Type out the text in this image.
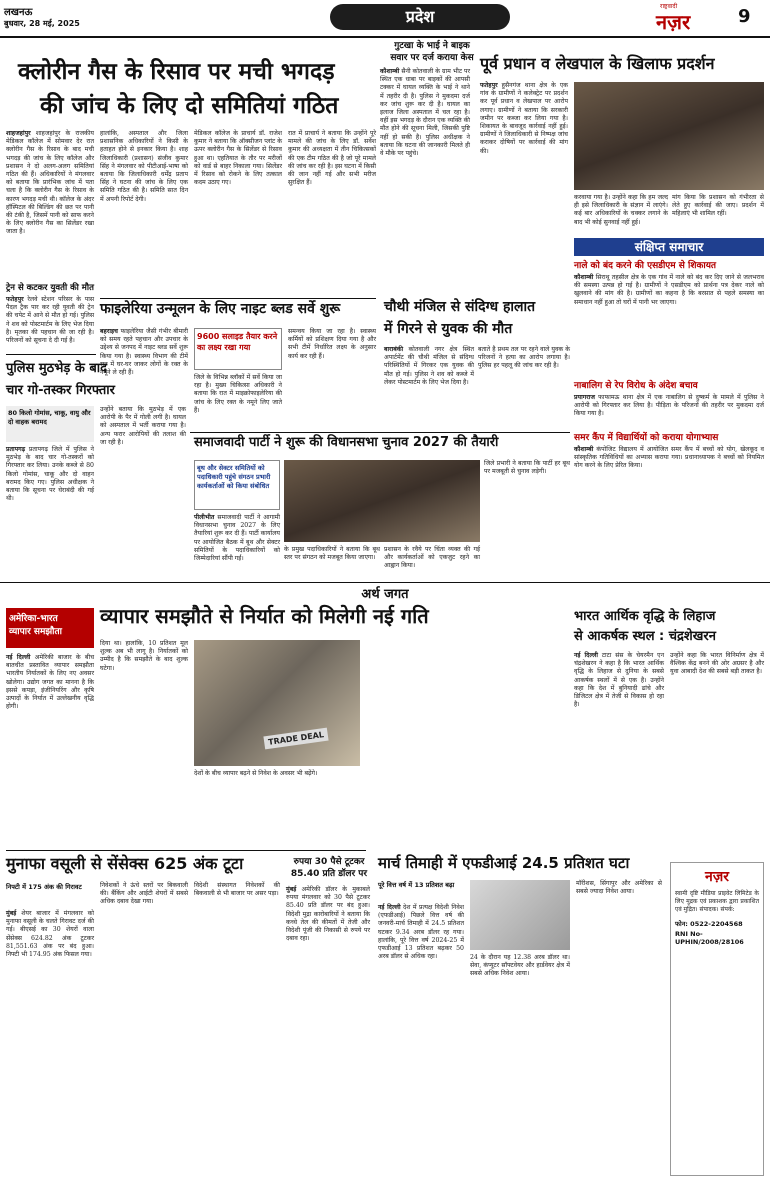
लखनऊ
बुधवार, 28 मई, 2025	प्रदेश
राष्ट्रवादी
नज़र	9
क्लोरीन गैस के रिसाव पर मची भगदड़
की जांच के लिए दो समितियां गठित
शाहजहांपुर शाहजहांपुर के राजकीय मेडिकल कॉलेज में सोमवार देर रात क्लोरीन गैस के रिसाव के बाद मची भगदड़ की जांच के लिए कॉलेज और प्रशासन ने दो अलग-अलग समितियां गठित की हैं। अधिकारियों ने मंगलवार को बताया कि प्रारंभिक जांच में पता चला है कि क्लोरीन गैस के रिसाव के कारण भगदड़ मची थी। कॉलेज के अंदर हॉस्पिटल की बिल्डिंग की छत पर पानी की टंकी है, जिसमें पानी को साफ करने के लिए क्लोरीन गैस का सिलेंडर रखा जाता है।
हालांकि, अस्पताल और जिला प्रशासनिक अधिकारियों ने किसी के हताहत होने से इनकार किया है। शाह जिलाधिकारी (प्रशासन) संजीव कुमार सिंह ने मंगलवार को पीटीआई-भाषा को बताया कि जिलाधिकारी धर्मेंद्र प्रताप सिंह ने घटना की जांच के लिए एक समिति गठित की है। समिति सात दिन में अपनी रिपोर्ट देगी।
मेडिकल कॉलेज के प्राचार्य डॉ. राजेश कुमार ने बताया कि ऑक्सीजन प्लांट के ऊपर क्लोरीन गैस के सिलेंडर से रिसाव हुआ था। एहतियात के तौर पर मरीजों को वार्ड से बाहर निकाला गया। सिलेंडर में रिसाव को रोकने के लिए तत्काल कदम उठाए गए।
रात में प्राचार्य ने बताया कि उन्होंने पूरे मामले की जांच के लिए डॉ. सर्वेश कुमार की अध्यक्षता में तीन चिकित्सकों की एक टीम गठित की है जो पूरे मामले की जांच कर रही है। इस घटना में किसी की जान नहीं गई और सभी मरीज सुरक्षित हैं।
ट्रेन से कटकर युवती की मौत
फतेहपुर रेलवे स्टेशन परिसर के पास पैदल ट्रैक पार कर रही युवती की ट्रेन की चपेट में आने से मौत हो गई। पुलिस ने शव को पोस्टमार्टम के लिए भेज दिया है। मृतका की पहचान की जा रही है। परिजनों को सूचना दे दी गई है।
गुटखा के भाई ने बाइक
सवार पर दर्ज कराया केस
कौशाम्बी सैनी कोतवाली के ग्राम भीट पर स्थित एक धाबा पर बाइकों की आपसी टक्कर में घायल व्यक्ति के भाई ने थाने में तहरीर दी है। पुलिस ने मुकदमा दर्ज कर जांच शुरू कर दी है। घायल का इलाज जिला अस्पताल में चल रहा है। वहीं इस भगदड़ के दौरान एक व्यक्ति की मौत होने की सूचना मिली, जिसकी पुष्टि नहीं हो सकी है। पुलिस अधीक्षक ने बताया कि घटना की जानकारी मिलते ही वे मौके पर पहुंचे।
पूर्व प्रधान व लेखपाल के खिलाफ प्रदर्शन
फतेहपुर हुसैनगंज थाना क्षेत्र के एक गांव के ग्रामीणों ने कलेक्ट्रेट पर प्रदर्शन कर पूर्व प्रधान व लेखपाल पर आरोप लगाए। ग्रामीणों ने बताया कि सरकारी जमीन पर कब्जा कर लिया गया है। शिकायत के बावजूद कार्रवाई नहीं हुई। ग्रामीणों ने जिलाधिकारी से निष्पक्ष जांच कराकर दोषियों पर कार्रवाई की मांग की।
करवाया गया है। उन्होंने कहा कि हम जल्द ही इसे जिलाधिकारी के संज्ञान में लाएंगे। कई बार अधिकारियों के चक्कर लगाने के बाद भी कोई सुनवाई नहीं हुई।
मांग किया कि प्रशासन को गंभीरता से लेते हुए कार्रवाई की जाए। प्रदर्शन में महिलाएं भी शामिल रहीं।
संक्षिप्त समाचार
नाले को बंद करने की एसडीएम से शिकायत
कौशाम्बी सिराथू तहसील क्षेत्र के एक गांव में नाले को बंद कर दिए जाने से जलभराव की समस्या उत्पन्न हो गई है। ग्रामीणों ने एसडीएम को प्रार्थना पत्र देकर नाले को खुलवाने की मांग की है। ग्रामीणों का कहना है कि बरसात से पहले समस्या का समाधान नहीं हुआ तो घरों में पानी भर जाएगा।
नाबालिग से रेप विरोध के अंदेश बचाव
प्रयागराज फाफामऊ थाना क्षेत्र में एक नाबालिग से दुष्कर्म के मामले में पुलिस ने आरोपी को गिरफ्तार कर लिया है। पीड़िता के परिजनों की तहरीर पर मुकदमा दर्ज किया गया है।
समर कैंप में विद्यार्थियों को कराया योगाभ्यास
कौशाम्बी कंपोजिट विद्यालय में आयोजित समर कैंप में बच्चों को योग, खेलकूद व सांस्कृतिक गतिविधियों का अभ्यास कराया गया। प्रधानाध्यापक ने बच्चों को नियमित योग करने के लिए प्रेरित किया।
फाइलेरिया उन्मूलन के लिए नाइट ब्लड सर्वे शुरू
बहराइच फाइलेरिया जैसी गंभीर बीमारी को समय रहते पहचान और उपचार के उद्देश्य से जनपद में नाइट ब्लड सर्वे शुरू किया गया है। स्वास्थ्य विभाग की टीमें रात में घर-घर जाकर लोगों के रक्त के नमूने ले रही हैं।
9600 सलाइड तैयार करने का लक्ष्य रखा गया
जिले के विभिन्न ब्लॉकों में सर्वे किया जा रहा है। मुख्य चिकित्सा अधिकारी ने बताया कि रात में माइक्रोफाइलेरिया की जांच के लिए रक्त के नमूने लिए जाते हैं।
समन्वय किया जा रहा है। स्वास्थ्य कर्मियों को प्रशिक्षण दिया गया है और सभी टीमें निर्धारित लक्ष्य के अनुसार कार्य कर रही हैं।
चौथी मंजिल से संदिग्ध हालात
में गिरने से युवक की मौत
बाराबंकी कोतवाली नगर क्षेत्र स्थित अपार्टमेंट की चौथी मंजिल से संदिग्ध परिस्थितियों में गिरकर एक युवक की मौत हो गई। पुलिस ने शव को कब्जे में लेकर पोस्टमार्टम के लिए भेज दिया है।
बताते है प्रथम तल पर रहने वाले युवक के परिजनों ने हत्या का आरोप लगाया है। पुलिस हर पहलू की जांच कर रही है।
पुलिस मुठभेड़ के बाद
चार गो-तस्कर गिरफ्तार
80 किलो गोमांस, चाकू, वायु और दो वाहक बरामद
प्रतापगढ़ प्रतापगढ़ जिले में पुलिस ने मुठभेड़ के बाद चार गो-तस्करों को गिरफ्तार कर लिया। उनके कब्जे से 80 किलो गोमांस, चाकू और दो वाहन बरामद किए गए। पुलिस अधीक्षक ने बताया कि सूचना पर घेराबंदी की गई थी।
उन्होंने बताया कि मुठभेड़ में एक आरोपी के पैर में गोली लगी है। घायल को अस्पताल में भर्ती कराया गया है। अन्य फरार आरोपियों की तलाश की जा रही है।	समाजवादी पार्टी ने शुरू की विधानसभा चुनाव 2027 की तैयारी
बूथ और सेक्टर समितियों को पदाधिकारी पहुंचे संगठन प्रभारी कार्यकर्ताओं को किया संबोधित
पीलीभीत समाजवादी पार्टी ने आगामी विधानसभा चुनाव 2027 के लिए तैयारियां शुरू कर दी हैं। पार्टी कार्यालय पर आयोजित बैठक में बूथ और सेक्टर समितियों के पदाधिकारियों को जिम्मेदारियां सौंपी गईं।
के प्रमुख पदाधिकारियों ने बताया कि बूथ स्तर पर संगठन को मजबूत किया जाएगा।
प्रशासन के रवैये पर चिंता व्यक्त की गई और कार्यकर्ताओं को एकजुट रहने का आह्वान किया।
जिले प्रभारी ने बताया कि पार्टी हर बूथ पर मजबूती से चुनाव लड़ेगी।
अर्थ जगत
अमेरिका-भारत
व्यापार समझौता
व्यापार समझौते से निर्यात को मिलेगी नई गति
नई दिल्ली अमेरिकी बाजार के बीच बातचीत प्रस्तावित व्यापार समझौता भारतीय निर्यातकों के लिए नए अवसर खोलेगा। उद्योग जगत का मानना है कि इससे कपड़ा, इंजीनियरिंग और कृषि उत्पादों के निर्यात में उल्लेखनीय वृद्धि होगी।
दिया था। हालांकि, 10 प्रतिशत मूल शुल्क अब भी लागू है। निर्यातकों को उम्मीद है कि समझौते के बाद शुल्क घटेगा।
TRADE DEAL
देशों के बीच व्यापार बढ़ने से निवेश के अवसर भी बढ़ेंगे।
भारत आर्थिक वृद्धि के लिहाज
से आकर्षक स्थल : चंद्रशेखरन
नई दिल्ली टाटा संस के चेयरमैन एन चंद्रशेखरन ने कहा है कि भारत आर्थिक वृद्धि के लिहाज से दुनिया के सबसे आकर्षक स्थलों में से एक है। उन्होंने कहा कि देश में बुनियादी ढांचे और डिजिटल क्षेत्र में तेजी से विकास हो रहा है।
उन्होंने कहा कि भारत विनिर्माण क्षेत्र में वैश्विक केंद्र बनने की ओर अग्रसर है और युवा आबादी देश की सबसे बड़ी ताकत है।
मुनाफा वसूली से सेंसेक्स 625 अंक टूटा
निफ्टी में 175 अंक की गिरावट
मुंबई शेयर बाजार में मंगलवार को मुनाफा वसूली के चलते गिरावट दर्ज की गई। बीएसई का 30 शेयरों वाला सेंसेक्स 624.82 अंक टूटकर 81,551.63 अंक पर बंद हुआ। निफ्टी भी 174.95 अंक फिसल गया।
निवेशकों ने ऊंचे स्तरों पर बिकवाली की। बैंकिंग और आईटी शेयरों में सबसे अधिक दबाव देखा गया।
विदेशी संस्थागत निवेशकों की बिकवाली से भी बाजार पर असर पड़ा।
रुपया 30 पैसे टूटकर
85.40 प्रति डॉलर पर
मुंबई अमेरिकी डॉलर के मुकाबले रुपया मंगलवार को 30 पैसे टूटकर 85.40 प्रति डॉलर पर बंद हुआ। विदेशी मुद्रा कारोबारियों ने बताया कि कच्चे तेल की कीमतों में तेजी और विदेशी पूंजी की निकासी से रुपये पर दबाव रहा।
मार्च तिमाही में एफडीआई 24.5 प्रतिशत घटा
पूरे वित्त वर्ष में 13 प्रतिशत बढ़ा
नई दिल्ली देश में प्रत्यक्ष विदेशी निवेश (एफडीआई) पिछले वित्त वर्ष की जनवरी-मार्च तिमाही में 24.5 प्रतिशत घटकर 9.34 अरब डॉलर रह गया। हालांकि, पूरे वित्त वर्ष 2024-25 में एफडीआई 13 प्रतिशत बढ़कर 50 अरब डॉलर से अधिक रहा।	24 के दौरान यह 12.38 अरब डॉलर था। सेवा, कंप्यूटर सॉफ्टवेयर और हार्डवेयर क्षेत्र में सबसे अधिक निवेश आया।
मॉरीशस, सिंगापुर और अमेरिका से सबसे ज्यादा निवेश आया।
नज़र
स्वामी दृष्टि मीडिया प्राइवेट लिमिटेड के लिए मुद्रक एवं प्रकाशक द्वारा प्रकाशित एवं मुद्रित। संपादक। संपर्क:
फोन: 0522-2204568
RNI No-UPHIN/2008/28106
